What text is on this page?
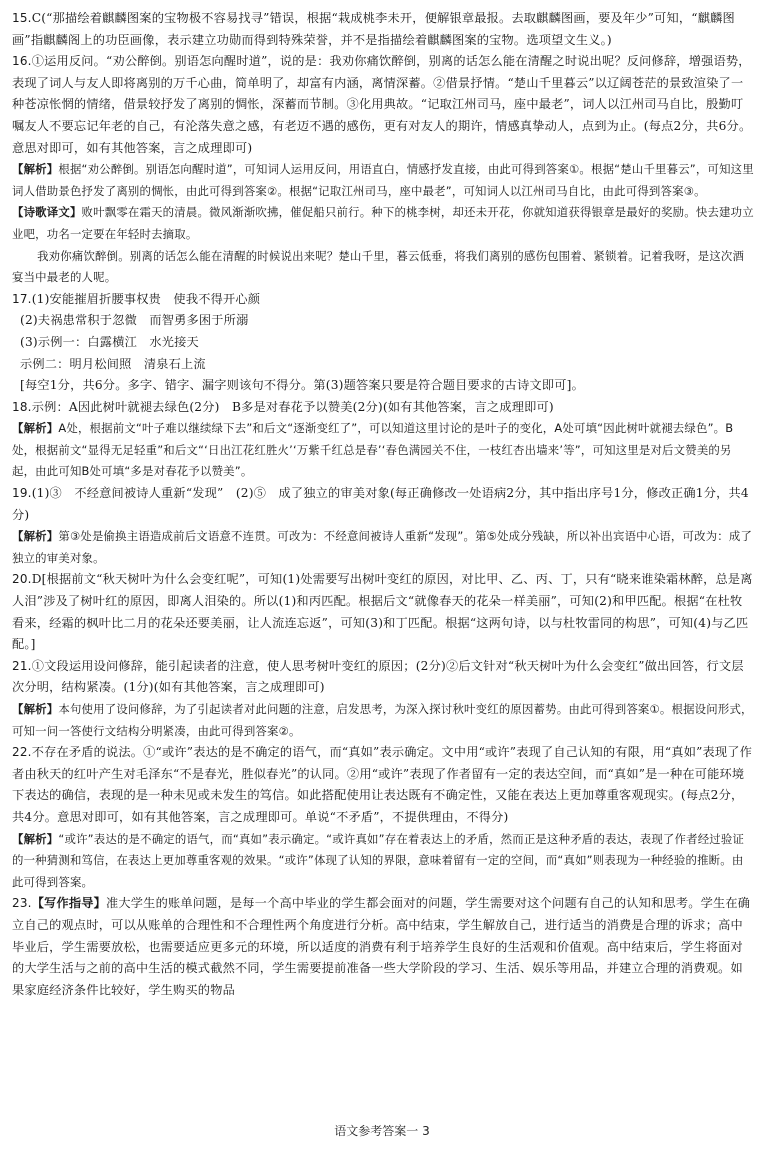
15.C(“那描绘着麒麟图案的宝物极不容易找寻”错误，根据“栽成桃李未开，便解银章最报。去取麒麟图画，要及年少”可知，“麒麟图画”指麒麟阁上的功臣画像，表示建立功勋而得到特殊荣誉，并不是指描绘着麒麟图案的宝物。选项望文生义。)

16.①运用反问。“劝公醉倒。别语怎向醒时道”，说的是：我劝你痛饮醉倒，别离的话怎么能在清醒之时说出呢？反问修辞，增强语势，表现了词人与友人即将离别的万千心曲，简单明了，却富有内涵，离情深蓄。②借景抒情。“楚山千里暮云”以辽阔苍茫的景致渲染了一种苍凉怅惘的情绪，借景较抒发了离别的惆怅，深蓄而节制。③化用典故。“记取江州司马，座中最老”，词人以江州司马自比，殷勤叮嘱友人不要忘记年老的自己，有沦落失意之感，有老迈不遇的感伤，更有对友人的期许，情感真挚动人，点到为止。(每点2分，共6分。意思对即可，如有其他答案，言之成理即可)

【解析】根据“劝公醉倒。别语怎向醒时道”，可知词人运用反问，用语直白，情感抒发直接，由此可得到答案①。根据“楚山千里暮云”，可知这里词人借助景色抒发了离别的惆怅，由此可得到答案②。根据“记取江州司马，座中最老”，可知词人以江州司马自比，由此可得到答案③。

【诗歌译文】败叶飘零在霜天的清晨。微风渐渐吹拂，催促船只前行。种下的桃李树，却还未开花，你就知道获得银章是最好的奖励。快去建功立业吧，功名一定要在年轻时去摘取。

我劝你痛饮醉倒。别离的话怎么能在清醒的时候说出来呢？楚山千里，暮云低垂，将我们离别的感伤包围着、紧锁着。记着我呀，是这次酒宴当中最老的人呢。

17.(1)安能摧眉折腰事权贵　使我不得开心颜

(2)夫祸患常积于忽微　而智勇多困于所溺

(3)示例一：白露横江　水光接天

示例二：明月松间照　清泉石上流

[每空1分，共6分。多字、错字、漏字则该句不得分。第(3)题答案只要是符合题目要求的古诗文即可]。

18.示例：A因此树叶就褪去绿色(2分)　B多是对春花予以赞美(2分)(如有其他答案，言之成理即可)

【解析】A处，根据前文“叶子难以继续绿下去”和后文“逐渐变红了”，可以知道这里讨论的是叶子的变化，A处可填“因此树叶就褪去绿色”。B处，根据前文“显得无足轻重”和后文“‘日出江花红胜火’‘万紫千红总是春’‘春色满园关不住，一枝红杏出墙来’等”，可知这里是对后文赞美的另起，由此可知B处可填“多是对春花予以赞美”。

19.(1)③　不经意间被诗人重新“发现”　(2)⑤　成了独立的审美对象(每正确修改一处语病2分，其中指出序号1分，修改正确1分，共4分)

【解析】第③处是偷换主语造成前后文语意不连贯。可改为：不经意间被诗人重新“发现”。第⑤处成分残缺，所以补出宾语中心语，可改为：成了独立的审美对象。

20.D[根据前文“秋天树叶为什么会变红呢”，可知(1)处需要写出树叶变红的原因，对比甲、乙、丙、丁，只有“晓来谁染霜林醉，总是离人泪”涉及了树叶红的原因，即离人泪染的。所以(1)和丙匹配。根据后文“就像春天的花朵一样美丽”，可知(2)和甲匹配。根据“在杜牧看来，经霜的枫叶比二月的花朵还要美丽，让人流连忘返”，可知(3)和丁匹配。根据“这两句诗，以与杜牧雷同的构思”，可知(4)与乙匹配。]

21.①文段运用设问修辞，能引起读者的注意，使人思考树叶变红的原因；(2分)②后文针对“秋天树叶为什么会变红”做出回答，行文层次分明，结构紧凑。(1分)(如有其他答案，言之成理即可)

【解析】本句使用了设问修辞，为了引起读者对此问题的注意，启发思考，为深入探讨秋叶变红的原因蓄势。由此可得到答案①。根据设问形式，可知一问一答使行文结构分明紧凑，由此可得到答案②。

22.不存在矛盾的说法。①“或许”表达的是不确定的语气，而“真如”表示确定。文中用“或许”表现了自己认知的有限，用“真如”表现了作者由秋天的红叶产生对毛泽东“不是春光，胜似春光”的认同。②用“或许”表现了作者留有一定的表达空间，而“真如”是一种在可能环境下表达的确信，表现的是一种未见或未发生的笃信。如此搭配使用让表达既有不确定性，又能在表达上更加尊重客观现实。(每点2分，共4分。意思对即可，如有其他答案，言之成理即可。单说“不矛盾”，不提供理由，不得分)

【解析】“或许”表达的是不确定的语气，而“真如”表示确定。“或许真如”存在着表达上的矛盾，然而正是这种矛盾的表达，表现了作者经过验证的一种猜测和笃信，在表达上更加尊重客观的效果。“或许”体现了认知的界限，意味着留有一定的空间，而“真如”则表现为一种经验的推断。由此可得到答案。

23.【写作指导】准大学生的账单问题，是每一个高中毕业的学生都会面对的问题，学生需要对这个问题有自己的认知和思考。学生在确立自己的观点时，可以从账单的合理性和不合理性两个角度进行分析。高中结束，学生解放自己，进行适当的消费是合理的诉求；高中毕业后，学生需要放松，也需要适应更多元的环境，所以适度的消费有利于培养学生良好的生活观和价值观。高中结束后，学生将面对的大学生活与之前的高中生活的模式截然不同，学生需要提前准备一些大学阶段的学习、生活、娱乐等用品，并建立合理的消费观。如果家庭经济条件比较好，学生购买的物品

语文参考答案一 3
